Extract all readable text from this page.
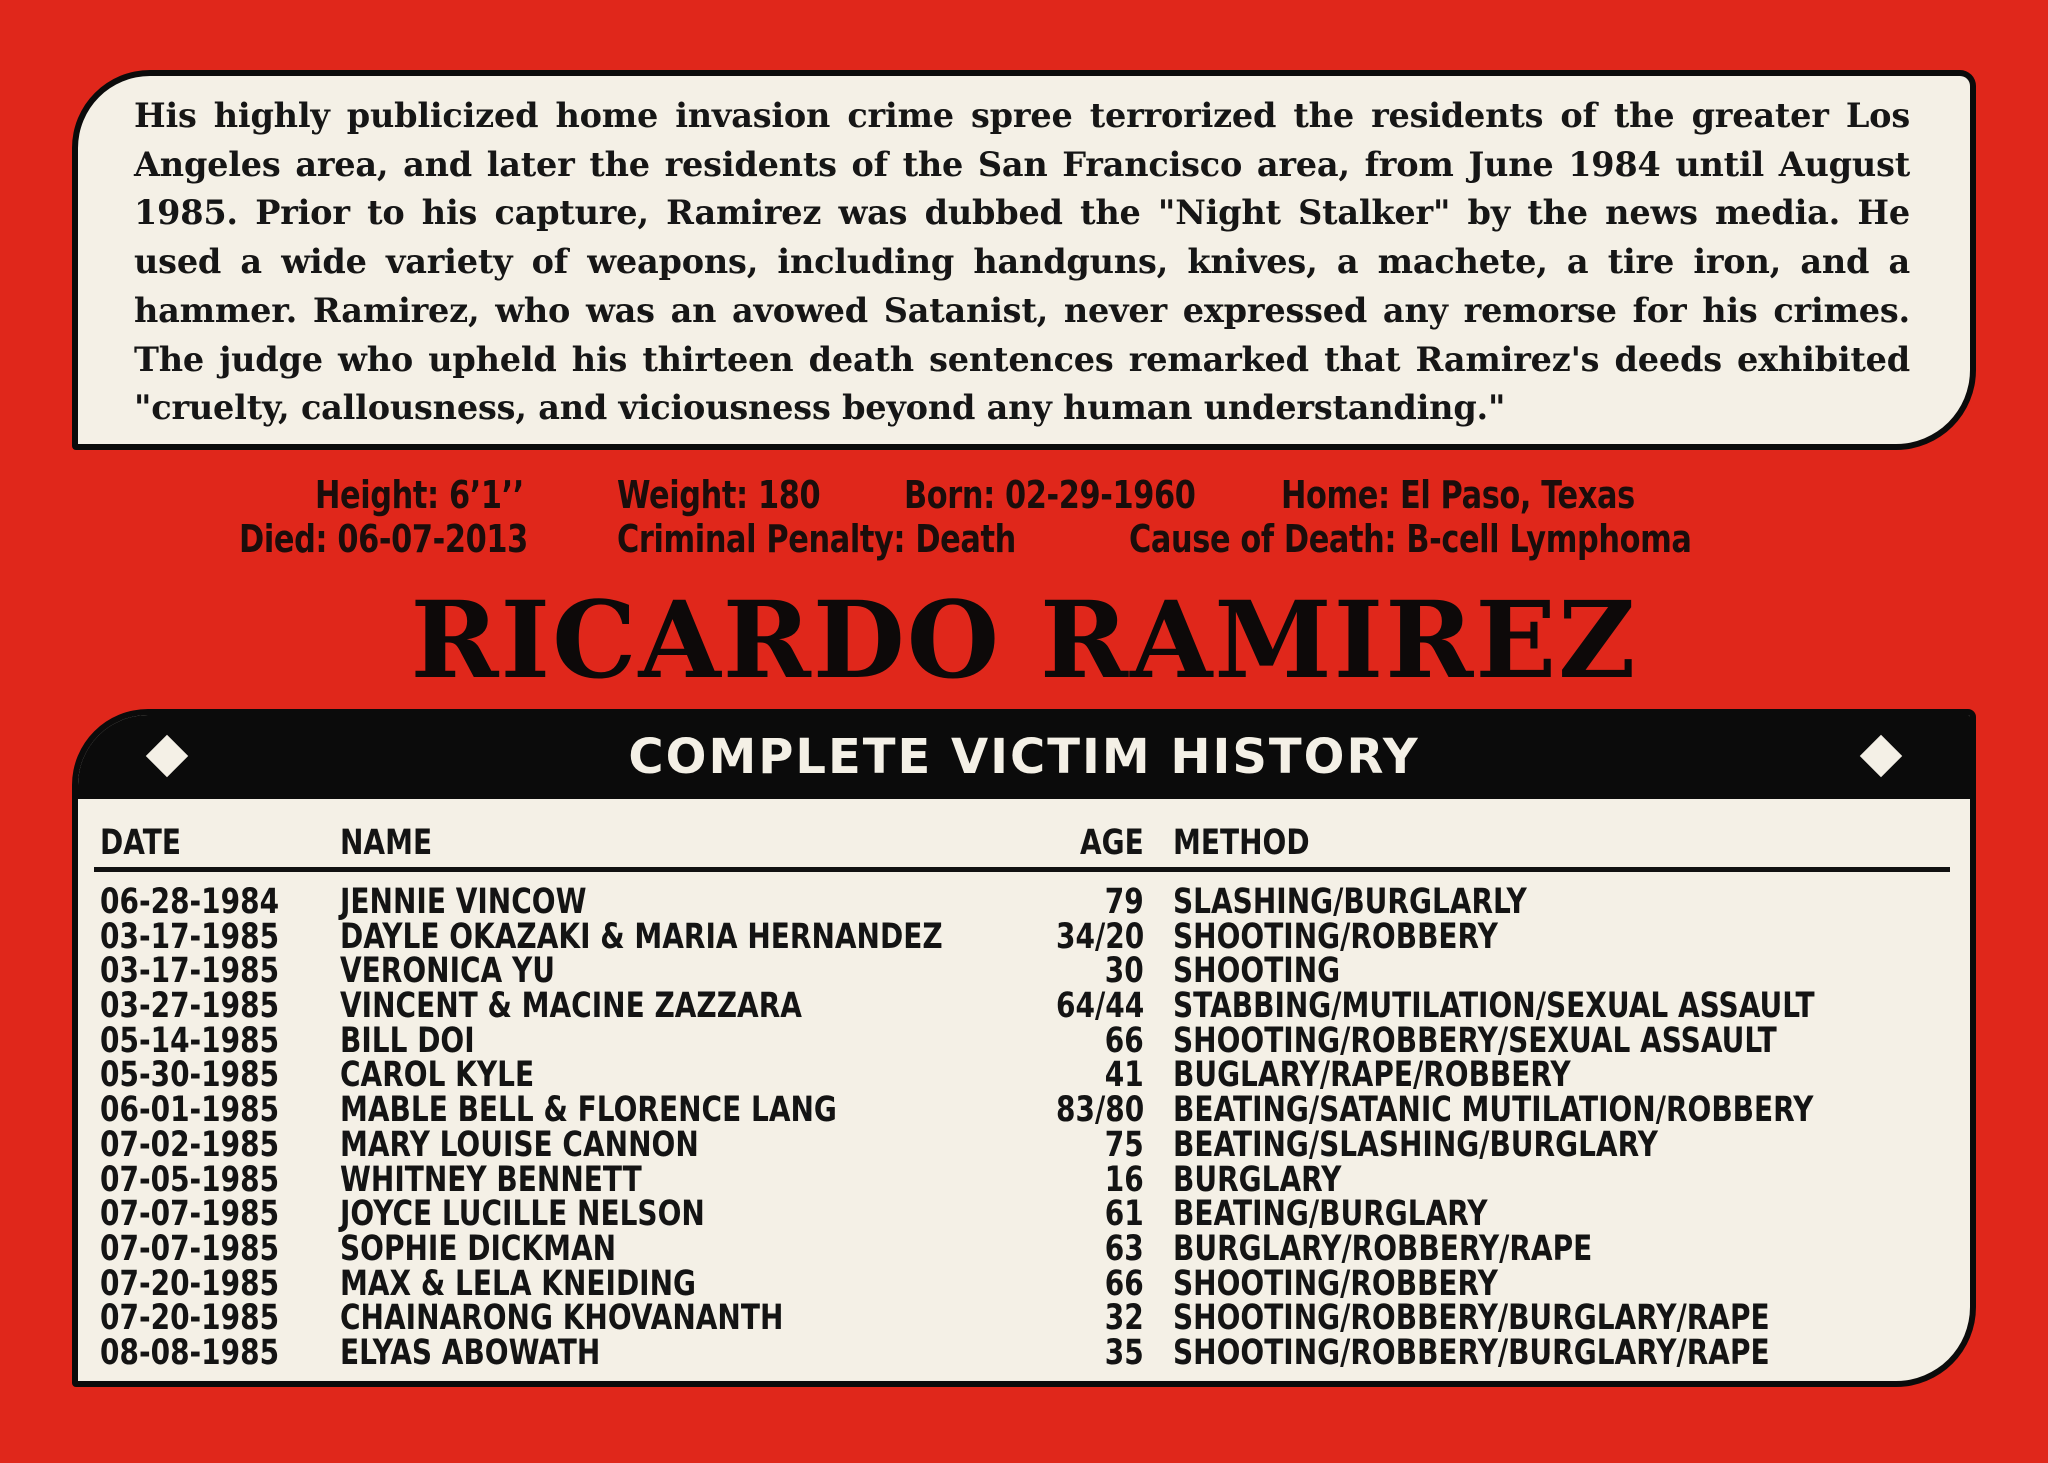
His highly publicized home invasion crime spree terrorized the residents of the greater Los Angeles area, and later the residents of the San Francisco area, from June 1984 until August 1985. Prior to his capture, Ramirez was dubbed the "Night Stalker" by the news media. He used a wide variety of weapons, including handguns, knives, a machete, a tire iron, and a hammer. Ramirez, who was an avowed Satanist, never expressed any remorse for his crimes. The judge who upheld his thirteen death sentences remarked that Ramirez's deeds exhibited "cruelty, callousness, and viciousness beyond any human understanding."

Height: 6’1’’ Weight: 180 Born: 02-29-1960 Home: El Paso, Texas
Died: 06-07-2013 Criminal Penalty: Death	Cause of Death: B-cell Lymphoma
RICARDO RAMIREZ
COMPLETE VICTIM HISTORY
DATE	NAME	AGE METHOD
06-28-1984 JENNIE VINCOW	79 SLASHING/BURGLARLY
03-17-1985 DAYLE OKAZAKI & MARIA HERNANDEZ	34/20 SHOOTING/ROBBERY
03-17-1985 VERONICA YU	30 SHOOTING
03-27-1985 VINCENT & MACINE ZAZZARA	64/44 STABBING/MUTILATION/SEXUAL ASSAULT
05-14-1985 BILL DOI	66 SHOOTING/ROBBERY/SEXUAL ASSAULT
05-30-1985 CAROL KYLE	41 BUGLARY/RAPE/ROBBERY
06-01-1985 MABLE BELL & FLORENCE LANG	83/80 BEATING/SATANIC MUTILATION/ROBBERY
07-02-1985 MARY LOUISE CANNON	75 BEATING/SLASHING/BURGLARY
07-05-1985 WHITNEY BENNETT	16 BURGLARY
07-07-1985 JOYCE LUCILLE NELSON	61 BEATING/BURGLARY
07-07-1985 SOPHIE DICKMAN	63 BURGLARY/ROBBERY/RAPE
07-20-1985 MAX & LELA KNEIDING	66 SHOOTING/ROBBERY
07-20-1985 CHAINARONG KHOVANANTH	32 SHOOTING/ROBBERY/BURGLARY/RAPE
08-08-1985 ELYAS ABOWATH	35 SHOOTING/ROBBERY/BURGLARY/RAPE
